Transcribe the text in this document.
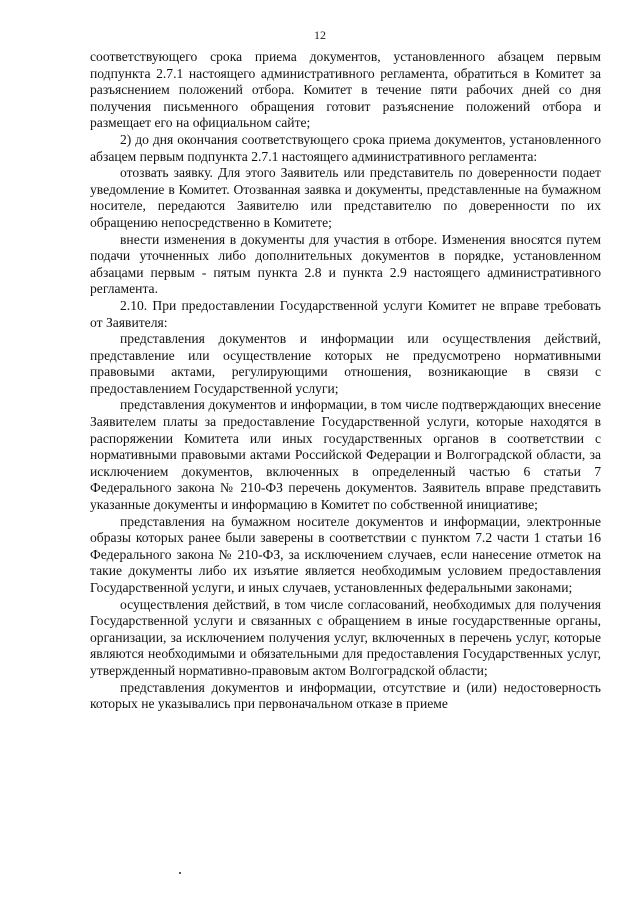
12

соответствующего срока приема документов, установленного абзацем первым подпункта 2.7.1 настоящего административного регламента, обратиться в Комитет за разъяснением положений отбора. Комитет в течение пяти рабочих дней со дня получения письменного обращения готовит разъяснение положений отбора и размещает его на официальном сайте;

2) до дня окончания соответствующего срока приема документов, установленного абзацем первым подпункта 2.7.1 настоящего административного регламента:

отозвать заявку. Для этого Заявитель или представитель по доверенности подает уведомление в Комитет. Отозванная заявка и документы, представленные на бумажном носителе, передаются Заявителю или представителю по доверенности по их обращению непосредственно в Комитете;

внести изменения в документы для участия в отборе. Изменения вносятся путем подачи уточненных либо дополнительных документов в порядке, установленном абзацами первым - пятым пункта 2.8 и пункта 2.9 настоящего административного регламента.

2.10. При предоставлении Государственной услуги Комитет не вправе требовать от Заявителя:

представления документов и информации или осуществления действий, представление или осуществление которых не предусмотрено нормативными правовыми актами, регулирующими отношения, возникающие в связи с предоставлением Государственной услуги;

представления документов и информации, в том числе подтверждающих внесение Заявителем платы за предоставление Государственной услуги, которые находятся в распоряжении Комитета или иных государственных органов в соответствии с нормативными правовыми актами Российской Федерации и Волгоградской области, за исключением документов, включенных в определенный частью 6 статьи 7 Федерального закона № 210-ФЗ перечень документов. Заявитель вправе представить указанные документы и информацию в Комитет по собственной инициативе;

представления на бумажном носителе документов и информации, электронные образы которых ранее были заверены в соответствии с пунктом 7.2 части 1 статьи 16 Федерального закона № 210-ФЗ, за исключением случаев, если нанесение отметок на такие документы либо их изъятие является необходимым условием предоставления Государственной услуги, и иных случаев, установленных федеральными законами;

осуществления действий, в том числе согласований, необходимых для получения Государственной услуги и связанных с обращением в иные государственные органы, организации, за исключением получения услуг, включенных в перечень услуг, которые являются необходимыми и обязательными для предоставления Государственных услуг, утвержденный нормативно-правовым актом Волгоградской области;

представления документов и информации, отсутствие и (или) недостоверность которых не указывались при первоначальном отказе в приеме
